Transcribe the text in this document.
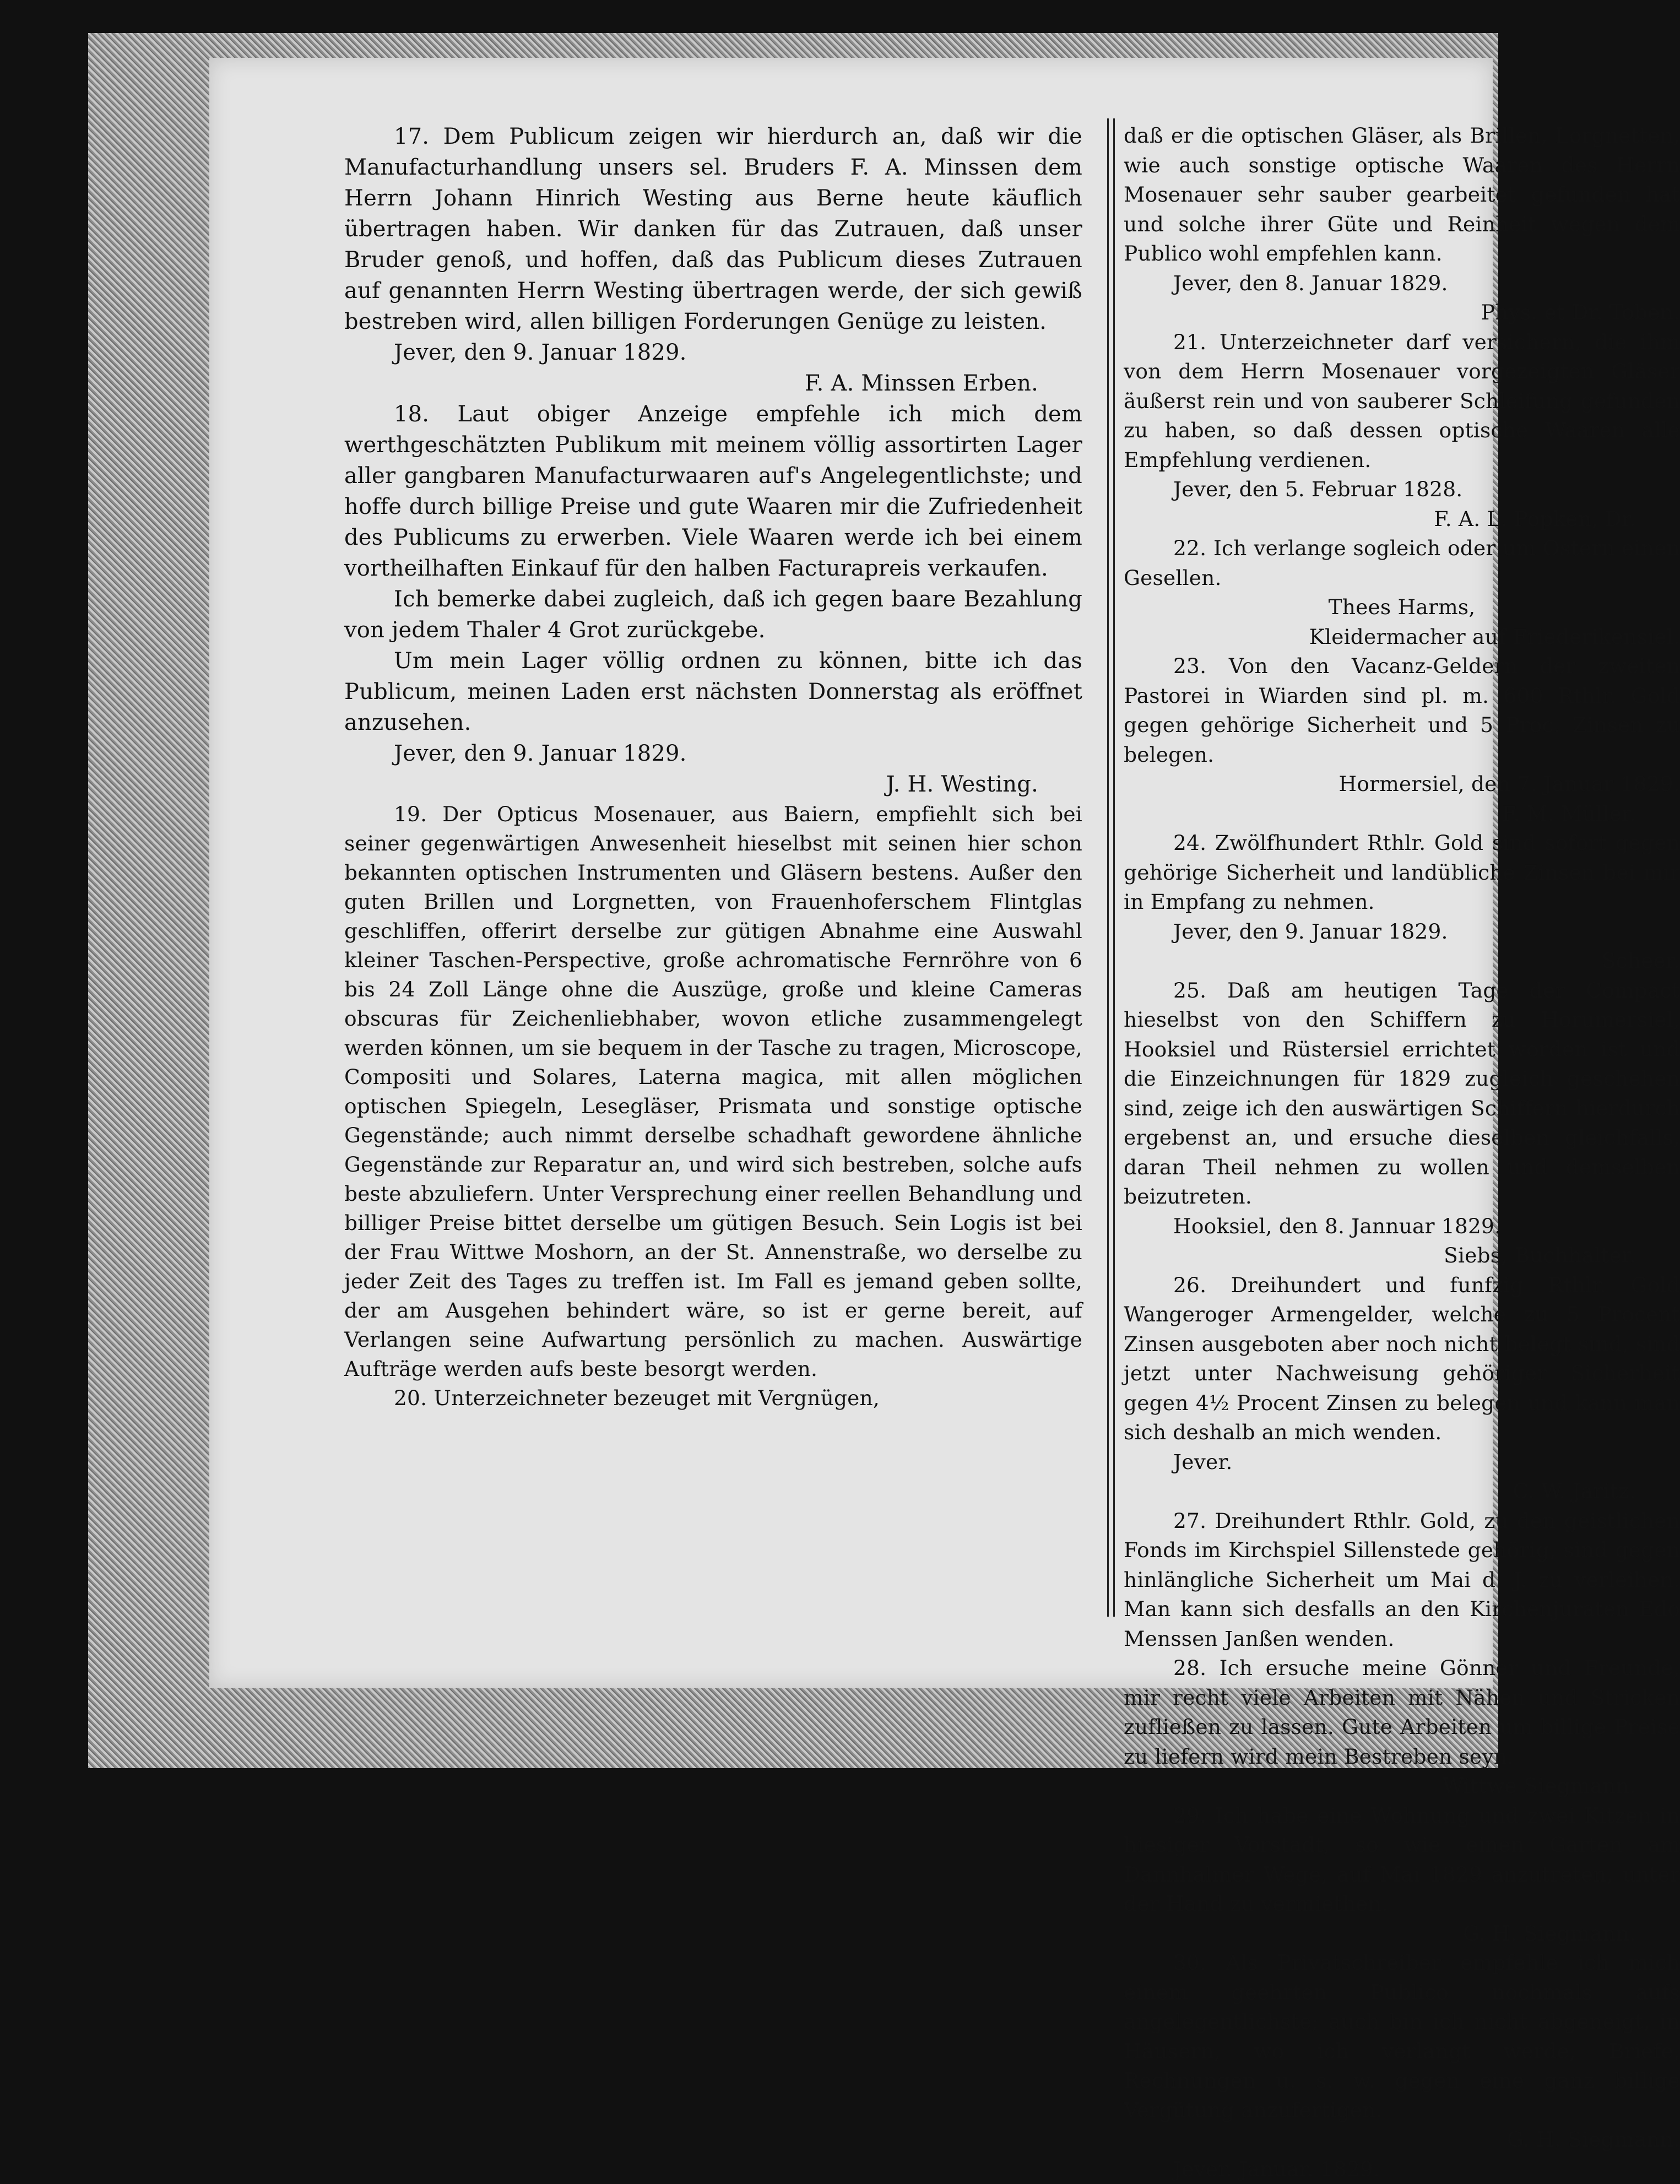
17. Dem Publicum zeigen wir hierdurch an, daß wir die Manufacturhandlung unsers sel. Bruders F. A. Minssen dem Herrn Johann Hinrich Westing aus Berne heute käuflich übertragen haben. Wir danken für das Zutrauen, daß unser Bruder genoß, und hoffen, daß das Publicum dieses Zutrauen auf genannten Herrn Westing übertragen werde, der sich gewiß bestreben wird, allen billigen Forderungen Genüge zu leisten.

Jever, den 9. Januar 1829.

F. A. Minssen Erben.

18. Laut obiger Anzeige empfehle ich mich dem werthgeschätzten Publikum mit meinem völlig assortirten Lager aller gangbaren Manufacturwaaren auf's Angelegentlichste; und hoffe durch billige Preise und gute Waaren mir die Zufriedenheit des Publicums zu erwerben. Viele Waaren werde ich bei einem vortheilhaften Einkauf für den halben Facturapreis verkaufen.

Ich bemerke dabei zugleich, daß ich gegen baare Bezahlung von jedem Thaler 4 Grot zurückgebe.

Um mein Lager völlig ordnen zu können, bitte ich das Publicum, meinen Laden erst nächsten Donnerstag als eröffnet anzusehen.

Jever, den 9. Januar 1829.

J. H. Westing.

19. Der Opticus Mosenauer, aus Baiern, empfiehlt sich bei seiner gegenwärtigen Anwesenheit hieselbst mit seinen hier schon bekannten optischen Instrumenten und Gläsern bestens. Außer den guten Brillen und Lorgnetten, von Frauenhoferschem Flintglas geschliffen, offerirt derselbe zur gütigen Abnahme eine Auswahl kleiner Taschen-Perspective, große achromatische Fernröhre von 6 bis 24 Zoll Länge ohne die Auszüge, große und kleine Cameras obscuras für Zeichenliebhaber, wovon etliche zusammengelegt werden können, um sie bequem in der Tasche zu tragen, Microscope, Compositi und Solares, Laterna magica, mit allen möglichen optischen Spiegeln, Lesegläser, Prismata und sonstige optische Gegenstände; auch nimmt derselbe schadhaft gewordene ähnliche Gegenstände zur Reparatur an, und wird sich bestreben, solche aufs beste abzuliefern. Unter Versprechung einer reellen Behandlung und billiger Preise bittet derselbe um gütigen Besuch. Sein Logis ist bei der Frau Wittwe Moshorn, an der St. Annenstraße, wo derselbe zu jeder Zeit des Tages zu treffen ist. Im Fall es jemand geben sollte, der am Ausgehen behindert wäre, so ist er gerne bereit, auf Verlangen seine Aufwartung persönlich zu machen. Auswärtige Aufträge werden aufs beste besorgt werden.

20. Unterzeichneter bezeuget mit Vergnügen,

daß er die optischen Gläser, als Brillen, Lorgnetten, wie auch sonstige optische Waaren des Herrn Mosenauer sehr sauber gearbeitet gefunden hat und solche ihrer Güte und Reinheit wegen dem Publico wohl empfehlen kann.

Jever, den 8. Januar 1829.

Phys. et Dr. Toben.

21. Unterzeichneter darf versichern, die ihm von dem Herrn Mosenauer vorgezeigten Gläser äußerst rein und von sauberer Schleifung gefunden zu haben, so daß dessen optische Waaren alle Empfehlung verdienen.

Jever, den 5. Februar 1828.

F. A. L. Popken, Dr.

22. Ich verlange sogleich oder um Ostern einen Gesellen.

Thees Harms,

Kleidermacher auf Friederikensiel.

23. Von den Vacanz-Geldern der zweiten Pastorei in Wiarden sind pl. m. 600 Rthlr. Gold gegen gehörige Sicherheit und 5 Proc. Zinsen zu belegen.

Hormersiel, den 7. Januar 1829.

F. M. Müller.

24. Zwölfhundert Rthlr. Gold sind sofort gegen gehörige Sicherheit und landübliche Zinsen bei mir in Empfang zu nehmen.

Jever, den 9. Januar 1829.

Scheer.

25. Daß am heutigen Tage der Compact hieselbst von den Schiffern zu Horumersiel, Hooksiel und Rüstersiel errichtet worden ist und die Einzeichnungen für 1829 zugleich geschehen sind, zeige ich den auswärtigen Schiffern hierdurch ergebenst an, und ersuche dieselben gleichfalls, daran Theil nehmen zu wollen und demselben beizutreten.

Hooksiel, den 8. Jannuar 1829.

Siebs, Buchhalter.

26. Dreihundert und funfzig Rthlr. Gold Wangeroger Armengelder, welche zu 5 Procent Zinsen ausgeboten aber noch nicht belegt sind, sind jetzt unter Nachweisung gehöriger Sicherheit gegen 4½ Procent Zinsen zu belegen und kann man sich deshalb an mich wenden.

Jever.

C. W. Jaritz.

27. Dreihundert Rthlr. Gold, zu den geistlichen Fonds im Kirchspiel Sillenstede gehörig, sind gegen hinlängliche Sicherheit um Mai d. J. zu verleihen. Man kann sich desfalls an den Kirchenjuraten Edo Menssen Janßen wenden.

28. Ich ersuche meine Gönner und Freunde, mir recht viele Arbeiten mit Nähen und Stricken zufließen zu lassen. Gute Arbeiten um billige Preise zu liefern wird mein Bestreben seyn.

Wittwe Siegmann.

29. Ich habe eine Wohnung und zwei Kitzen in hiesiger Vorstadt, so wie einen Garten am Dannhalmer Wege, auf Mai 1829 anzutreten, unter der Hand zu vermiethen.

G. H. Siegmann.

30. Als Privatschreiber empfehle ich mich einem geehrten Publico nochmals aufs angelegentlichste; auch bin ich nicht abgeneigt, in Häusern, wo ich verlangt werde, Briefe, Rechnungen u. s. w. gegen eine ganz billige Vergütung anzufertigen.

G. H. Siegmann.

Jever. Januar. 1829.
